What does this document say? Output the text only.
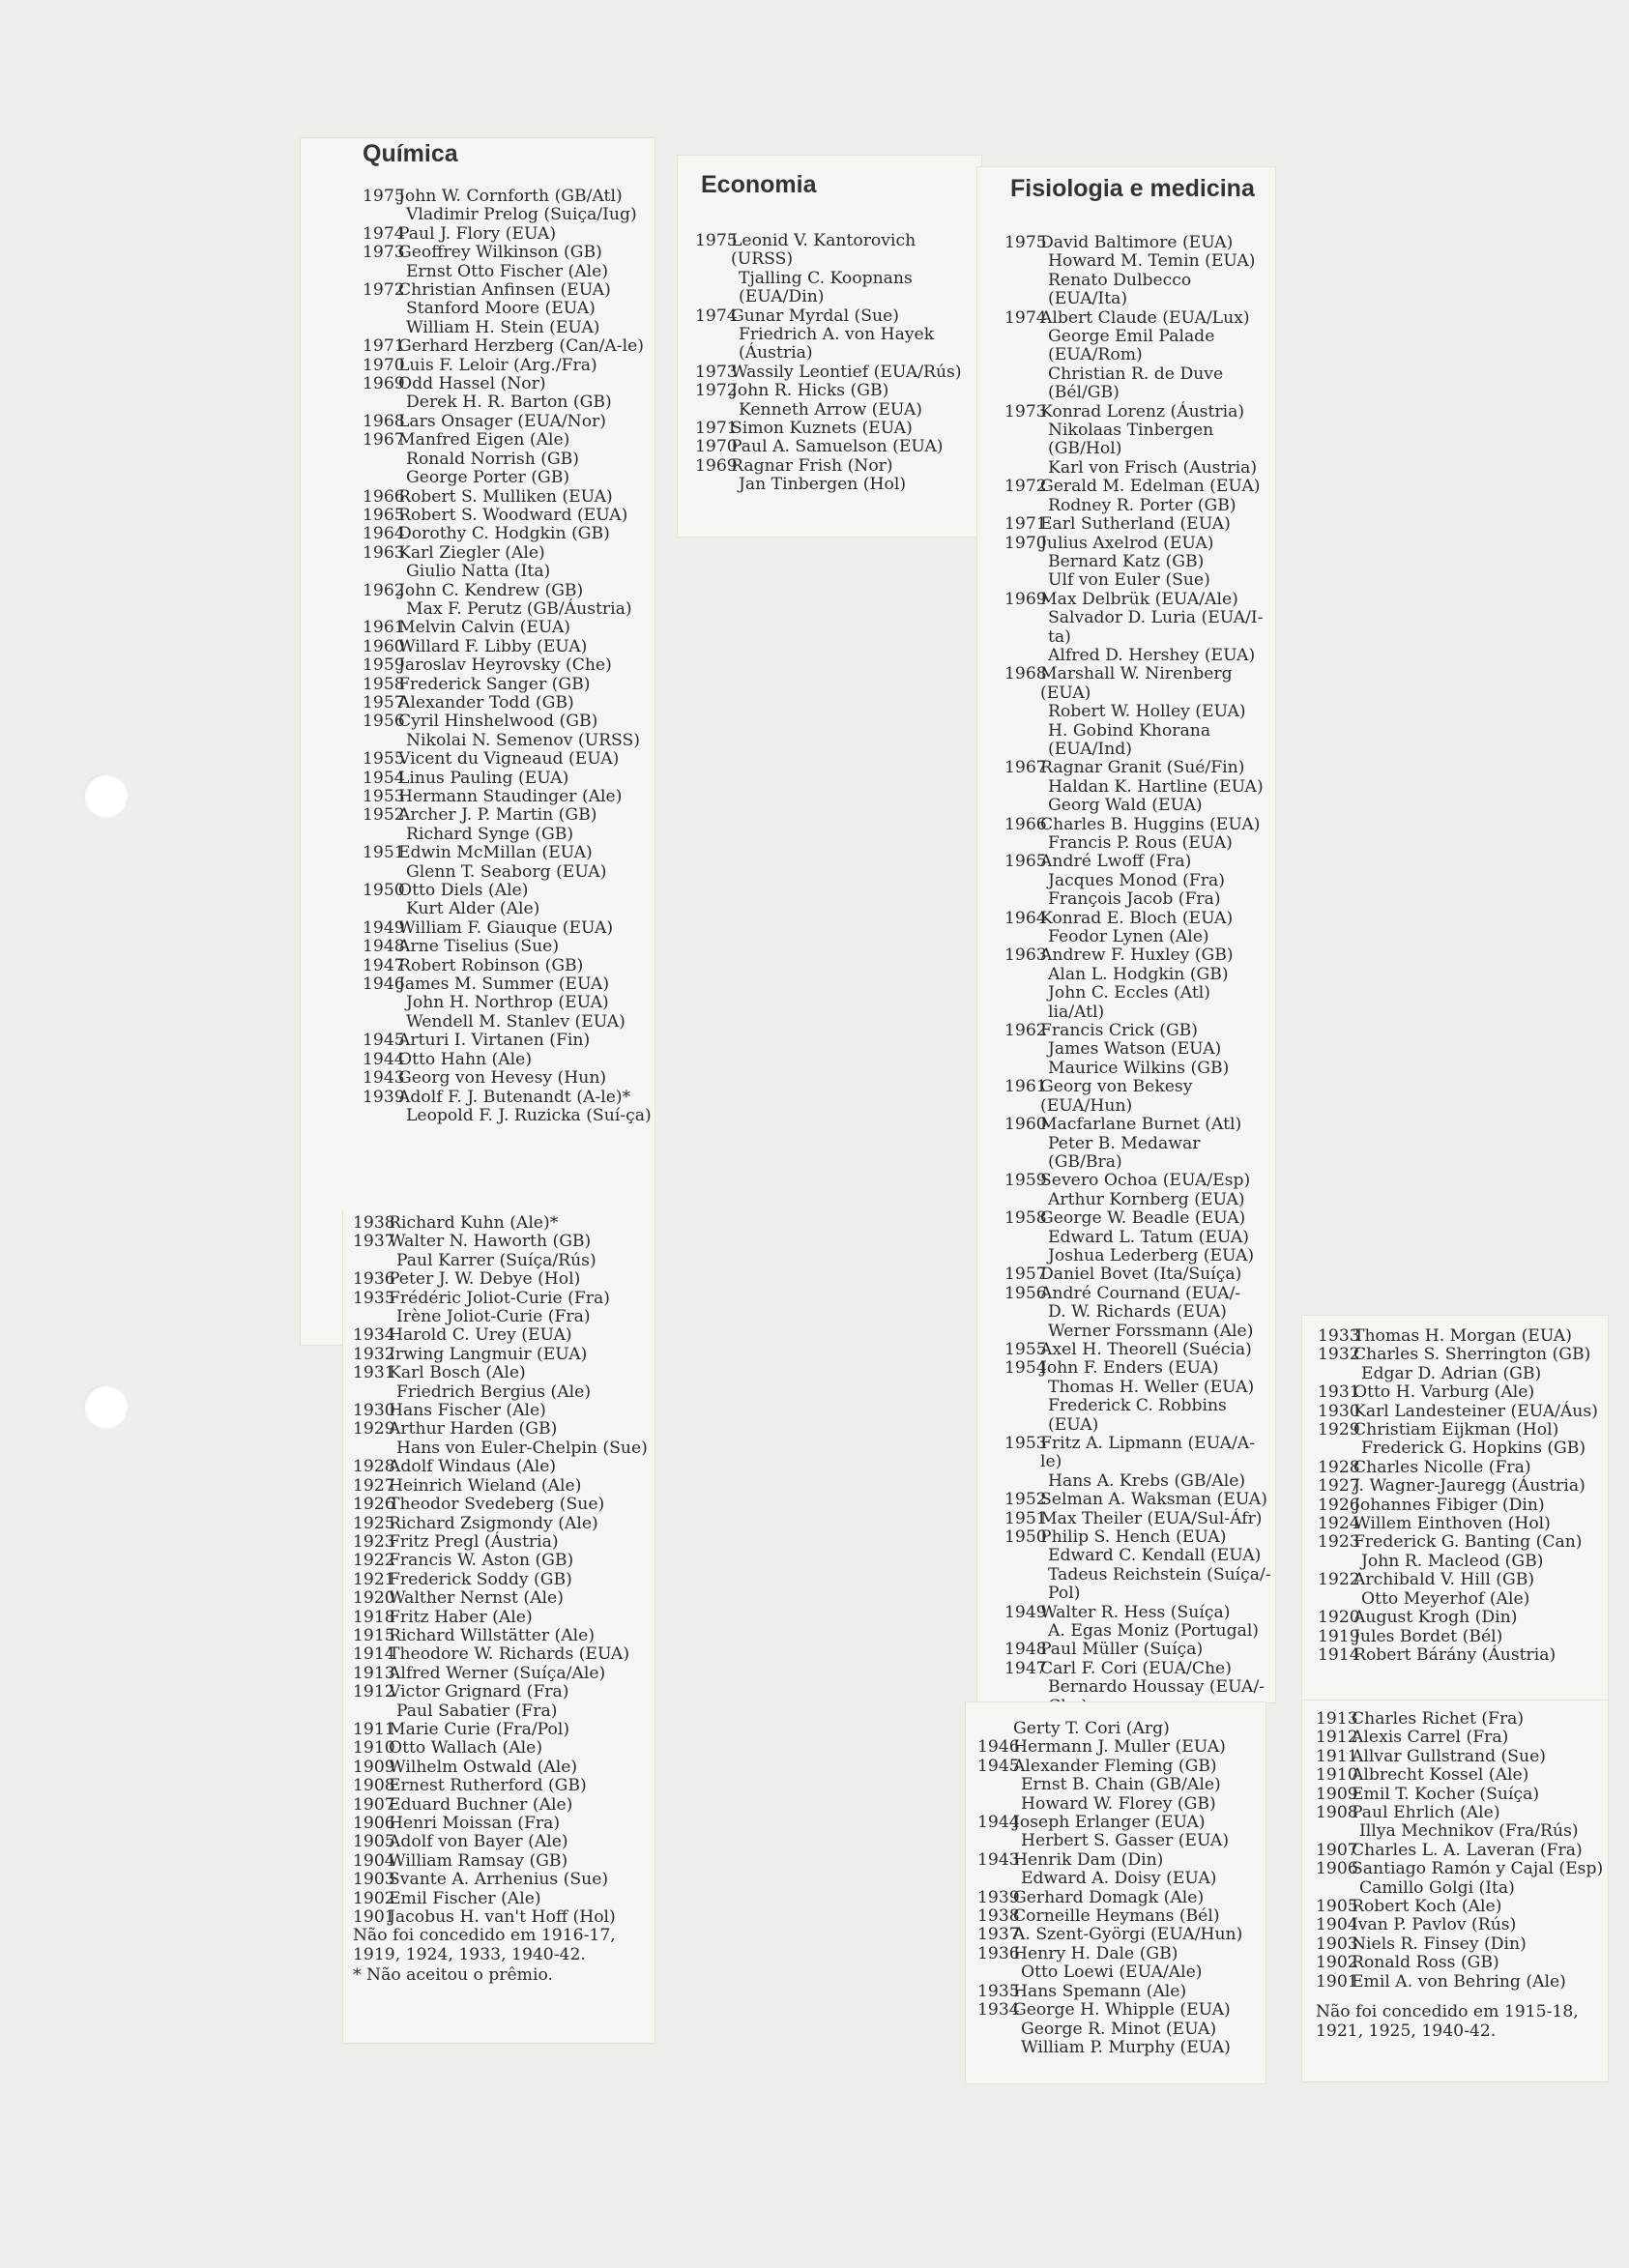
Química
1975
John W. Cornforth (GB/Atl)
Vladimir Prelog (Suiça/Iug)
1974
Paul J. Flory (EUA)
1973
Geoffrey Wilkinson (GB)
Ernst Otto Fischer (Ale)
1972
Christian Anfinsen (EUA)
Stanford Moore (EUA)
William H. Stein (EUA)
1971
Gerhard Herzberg (Can/A-le)
1970
Luis F. Leloir (Arg./Fra)
1969
Odd Hassel (Nor)
Derek H. R. Barton (GB)
1968
Lars Onsager (EUA/Nor)
1967
Manfred Eigen (Ale)
Ronald Norrish (GB)
George Porter (GB)
1966
Robert S. Mulliken (EUA)
1965
Robert S. Woodward (EUA)
1964
Dorothy C. Hodgkin (GB)
1963
Karl Ziegler (Ale)
Giulio Natta (Ita)
1962
John C. Kendrew (GB)
Max F. Perutz (GB/Áustria)
1961
Melvin Calvin (EUA)
1960
Willard F. Libby (EUA)
1959
Jaroslav Heyrovsky (Che)
1958
Frederick Sanger (GB)
1957
Alexander Todd (GB)
1956
Cyril Hinshelwood (GB)
Nikolai N. Semenov (URSS)
1955
Vicent du Vigneaud (EUA)
1954
Linus Pauling (EUA)
1953
Hermann Staudinger (Ale)
1952
Archer J. P. Martin (GB)
Richard Synge (GB)
1951
Edwin McMillan (EUA)
Glenn T. Seaborg (EUA)
1950
Otto Diels (Ale)
Kurt Alder (Ale)
1949
William F. Giauque (EUA)
1948
Arne Tiselius (Sue)
1947
Robert Robinson (GB)
1946
James M. Summer (EUA)
John H. Northrop (EUA)
Wendell M. Stanlev (EUA)
1945
Arturi I. Virtanen (Fin)
1944
Otto Hahn (Ale)
1943
Georg von Hevesy (Hun)
1939
Adolf F. J. Butenandt (A-le)*
Leopold F. J. Ruzicka (Suí-ça)
1938
Richard Kuhn (Ale)*
1937
Walter N. Haworth (GB)
Paul Karrer (Suíça/Rús)
1936
Peter J. W. Debye (Hol)
1935
Frédéric Joliot-Curie (Fra)
Irène Joliot-Curie (Fra)
1934
Harold C. Urey (EUA)
1932
Irwing Langmuir (EUA)
1931
Karl Bosch (Ale)
Friedrich Bergius (Ale)
1930
Hans Fischer (Ale)
1929
Arthur Harden (GB)
Hans von Euler-Chelpin (Sue)
1928
Adolf Windaus (Ale)
1927
Heinrich Wieland (Ale)
1926
Theodor Svedeberg (Sue)
1925
Richard Zsigmondy (Ale)
1923
Fritz Pregl (Áustria)
1922
Francis W. Aston (GB)
1921
Frederick Soddy (GB)
1920
Walther Nernst (Ale)
1918
Fritz Haber (Ale)
1915
Richard Willstätter (Ale)
1914
Theodore W. Richards (EUA)
1913
Alfred Werner (Suíça/Ale)
1912
Victor Grignard (Fra)
Paul Sabatier (Fra)
1911
Marie Curie (Fra/Pol)
1910
Otto Wallach (Ale)
1909
Wilhelm Ostwald (Ale)
1908
Ernest Rutherford (GB)
1907
Eduard Buchner (Ale)
1906
Henri Moissan (Fra)
1905
Adolf von Bayer (Ale)
1904
William Ramsay (GB)
1903
Svante A. Arrhenius (Sue)
1902
Emil Fischer (Ale)
1901
Jacobus H. van't Hoff (Hol)
Não foi concedido em 1916-17, 1919, 1924, 1933, 1940-42.
* Não aceitou o prêmio.
Economia
1975
Leonid V. Kantorovich (URSS)
Tjalling C. Koopnans (EUA/Din)
1974
Gunar Myrdal (Sue)
Friedrich A. von Hayek (Áustria)
1973
Wassily Leontief (EUA/Rús)
1972
John R. Hicks (GB)
Kenneth Arrow (EUA)
1971
Simon Kuznets (EUA)
1970
Paul A. Samuelson (EUA)
1969
Ragnar Frish (Nor)
Jan Tinbergen (Hol)
Fisiologia e medicina
1975
David Baltimore (EUA)
Howard M. Temin (EUA)
Renato Dulbecco (EUA/Ita)
1974
Albert Claude (EUA/Lux)
George Emil Palade (EUA/Rom)
Christian R. de Duve (Bél/GB)
1973
Konrad Lorenz (Áustria)
Nikolaas Tinbergen (GB/Hol)
Karl von Frisch (Austria)
1972
Gerald M. Edelman (EUA)
Rodney R. Porter (GB)
1971
Earl Sutherland (EUA)
1970
Julius Axelrod (EUA)
Bernard Katz (GB)
Ulf von Euler (Sue)
1969
Max Delbrük (EUA/Ale)
Salvador D. Luria (EUA/I-ta)
Alfred D. Hershey (EUA)
1968
Marshall W. Nirenberg (EUA)
Robert W. Holley (EUA)
H. Gobind Khorana (EUA/Ind)
1967
Ragnar Granit (Sué/Fin)
Haldan K. Hartline (EUA)
Georg Wald (EUA)
1966
Charles B. Huggins (EUA)
Francis P. Rous (EUA)
1965
André Lwoff (Fra)
Jacques Monod (Fra)
François Jacob (Fra)
1964
Konrad E. Bloch (EUA)
Feodor Lynen (Ale)
1963
Andrew F. Huxley (GB)
Alan L. Hodgkin (GB)
John C. Eccles (Atl)
lia/Atl)
1962
Francis Crick (GB)
James Watson (EUA)
Maurice Wilkins (GB)
1961
Georg von Bekesy (EUA/Hun)
1960
Macfarlane Burnet (Atl)
Peter B. Medawar (GB/Bra)
1959
Severo Ochoa (EUA/Esp)
Arthur Kornberg (EUA)
1958
George W. Beadle (EUA)
Edward L. Tatum (EUA)
Joshua Lederberg (EUA)
1957
Daniel Bovet (Ita/Suíça)
1956
André Cournand (EUA/-
D. W. Richards (EUA)
Werner Forssmann (Ale)
1955
Axel H. Theorell (Suécia)
1954
John F. Enders (EUA)
Thomas H. Weller (EUA)
Frederick C. Robbins (EUA)
1953
Fritz A. Lipmann (EUA/A-le)
Hans A. Krebs (GB/Ale)
1952
Selman A. Waksman (EUA)
1951
Max Theiler (EUA/Sul-Áfr)
1950
Philip S. Hench (EUA)
Edward C. Kendall (EUA)
Tadeus Reichstein (Suíça/-Pol)
1949
Walter R. Hess (Suíça)
A. Egas Moniz (Portugal)
1948
Paul Müller (Suíça)
1947
Carl F. Cori (EUA/Che)
Bernardo Houssay (EUA/-
Gerty T. Cori (Arg)
1946
Hermann J. Muller (EUA)
1945
Alexander Fleming (GB)
Ernst B. Chain (GB/Ale)
Howard W. Florey (GB)
1944
Joseph Erlanger (EUA)
Herbert S. Gasser (EUA)
1943
Henrik Dam (Din)
Edward A. Doisy (EUA)
1939
Gerhard Domagk (Ale)
1938
Corneille Heymans (Bél)
1937
A. Szent-Györgi (EUA/Hun)
1936
Henry H. Dale (GB)
Otto Loewi (EUA/Ale)
1935
Hans Spemann (Ale)
1934
George H. Whipple (EUA)
George R. Minot (EUA)
William P. Murphy (EUA)
1933
Thomas H. Morgan (EUA)
1932
Charles S. Sherrington (GB)
Edgar D. Adrian (GB)
1931
Otto H. Varburg (Ale)
1930
Karl Landesteiner (EUA/Áus)
1929
Christiam Eijkman (Hol)
Frederick G. Hopkins (GB)
1928
Charles Nicolle (Fra)
1927
J. Wagner-Jauregg (Áustria)
1926
Johannes Fibiger (Din)
1924
Willem Einthoven (Hol)
1923
Frederick G. Banting (Can)
John R. Macleod (GB)
1922
Archibald V. Hill (GB)
Otto Meyerhof (Ale)
1920
August Krogh (Din)
1919
Jules Bordet (Bél)
1914
Robert Bárány (Áustria)
1913
Charles Richet (Fra)
1912
Alexis Carrel (Fra)
1911
Allvar Gullstrand (Sue)
1910
Albrecht Kossel (Ale)
1909
Emil T. Kocher (Suíça)
1908
Paul Ehrlich (Ale)
Illya Mechnikov (Fra/Rús)
1907
Charles L. A. Laveran (Fra)
1906
Santiago Ramón y Cajal (Esp)
Camillo Golgi (Ita)
1905
Robert Koch (Ale)
1904
Ivan P. Pavlov (Rús)
1903
Niels R. Finsey (Din)
1902
Ronald Ross (GB)
1901
Emil A. von Behring (Ale)
Não foi concedido em 1915-18, 1921, 1925, 1940-42.
